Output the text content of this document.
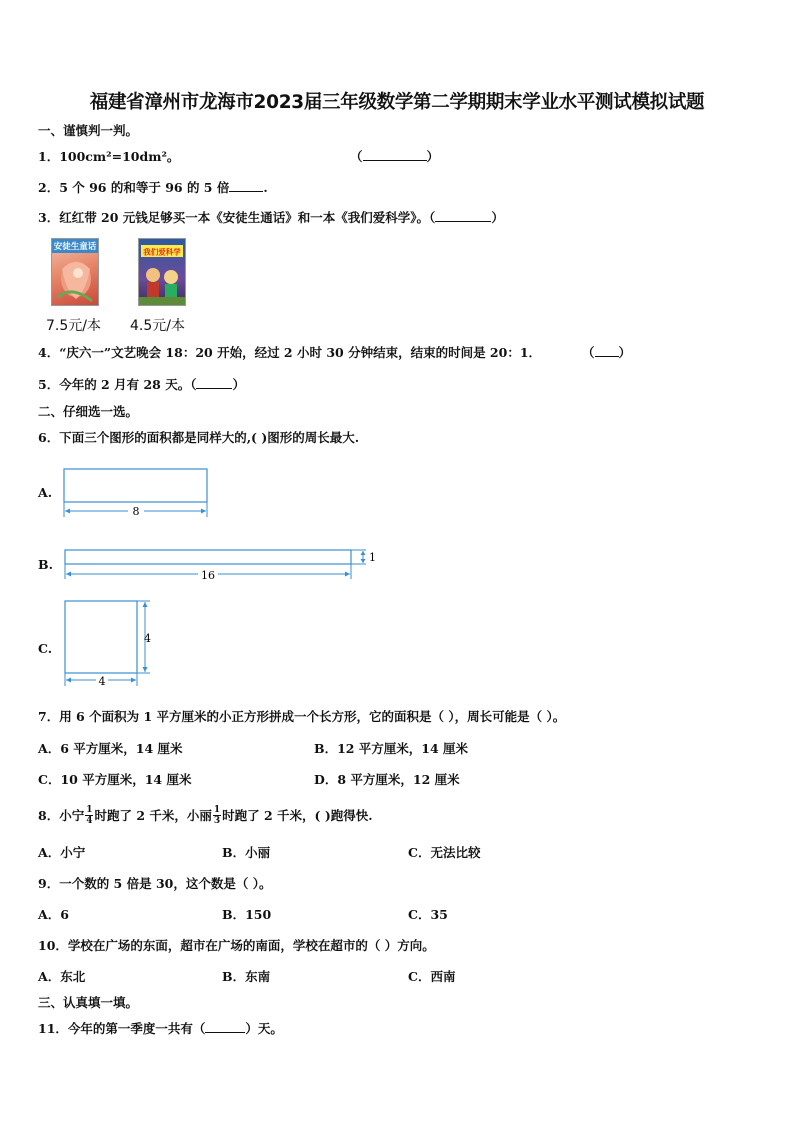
福建省漳州市龙海市2023届三年级数学第二学期期末学业水平测试模拟试题
一、谨慎判一判。
1．100cm²=10dm²。	（	）
2．5 个 96 的和等于 96 的 5 倍	.
3．红红带 20 元钱足够买一本《安徒生通话》和一本《我们爱科学》。（	）
安徒生童话	我们爱科学
7.5元/本 4.5元/本
4．“庆六一”文艺晚会 18：20 开始，经过 2 小时 30 分钟结束，结束的时间是 20：1．	（ ）
5．今年的 2 月有 28 天。（	）
二、仔细选一选。
6．下面三个图形的面积都是同样大的,( )图形的周长最大.
A.
8
B.	1
16
C.
4
4
7．用 6 个面积为 1 平方厘米的小正方形拼成一个长方形，它的面积是（ ），周长可能是（ ）。
A．6 平方厘米，14 厘米	B．12 平方厘米，14 厘米
C．10 平方厘米，14 厘米	D．8 平方厘米，12 厘米
8． 小宁 $\frac{1}{4}$ 时跑了 2 千米，小丽 $\frac{1}{3}$ 时跑了 2 千米，( )跑得快.
A．小宁	B．小丽	C．无法比较
9．一个数的 5 倍是 30，这个数是（ ）。
A．6	B．150	C．35
10．学校在广场的东面，超市在广场的南面，学校在超市的（ ）方向。
A．东北	B．东南	C．西南
三、认真填一填。
11．今年的第一季度一共有（	）天。
